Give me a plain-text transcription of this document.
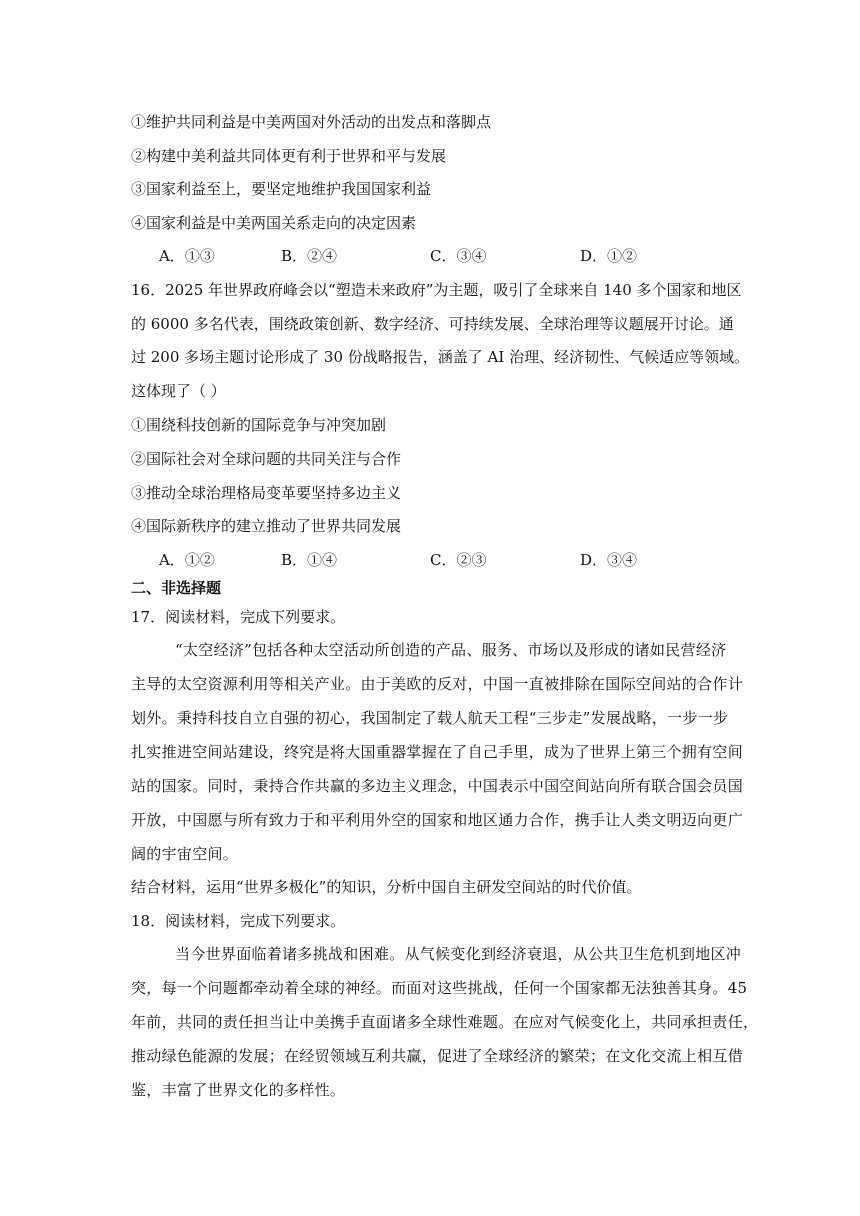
①维护共同利益是中美两国对外活动的出发点和落脚点
②构建中美利益共同体更有利于世界和平与发展
③国家利益至上，要坚定地维护我国国家利益
④国家利益是中美两国关系走向的决定因素
A．①③	B．②④	C．③④	D．①②
16．2025 年世界政府峰会以“塑造未来政府”为主题，吸引了全球来自 140 多个国家和地区
的 6000 多名代表，围绕政策创新、数字经济、可持续发展、全球治理等议题展开讨论。通
过 200 多场主题讨论形成了 30 份战略报告，涵盖了 AI 治理、经济韧性、气候适应等领域。
这体现了（ ）
①围绕科技创新的国际竞争与冲突加剧
②国际社会对全球问题的共同关注与合作
③推动全球治理格局变革要坚持多边主义
④国际新秩序的建立推动了世界共同发展
A．①②	B．①④	C．②③	D．③④
二、非选择题
17．阅读材料，完成下列要求。
“太空经济”包括各种太空活动所创造的产品、服务、市场以及形成的诸如民营经济
主导的太空资源利用等相关产业。由于美欧的反对，中国一直被排除在国际空间站的合作计
划外。秉持科技自立自强的初心，我国制定了载人航天工程“三步走”发展战略，一步一步
扎实推进空间站建设，终究是将大国重器掌握在了自己手里，成为了世界上第三个拥有空间
站的国家。同时，秉持合作共赢的多边主义理念，中国表示中国空间站向所有联合国会员国
开放，中国愿与所有致力于和平利用外空的国家和地区通力合作，携手让人类文明迈向更广
阔的宇宙空间。
结合材料，运用“世界多极化”的知识，分析中国自主研发空间站的时代价值。
18．阅读材料，完成下列要求。
当今世界面临着诸多挑战和困难。从气候变化到经济衰退，从公共卫生危机到地区冲
突，每一个问题都牵动着全球的神经。而面对这些挑战，任何一个国家都无法独善其身。45
年前，共同的责任担当让中美携手直面诸多全球性难题。在应对气候变化上，共同承担责任，
推动绿色能源的发展；在经贸领域互利共赢，促进了全球经济的繁荣；在文化交流上相互借
鉴，丰富了世界文化的多样性。
